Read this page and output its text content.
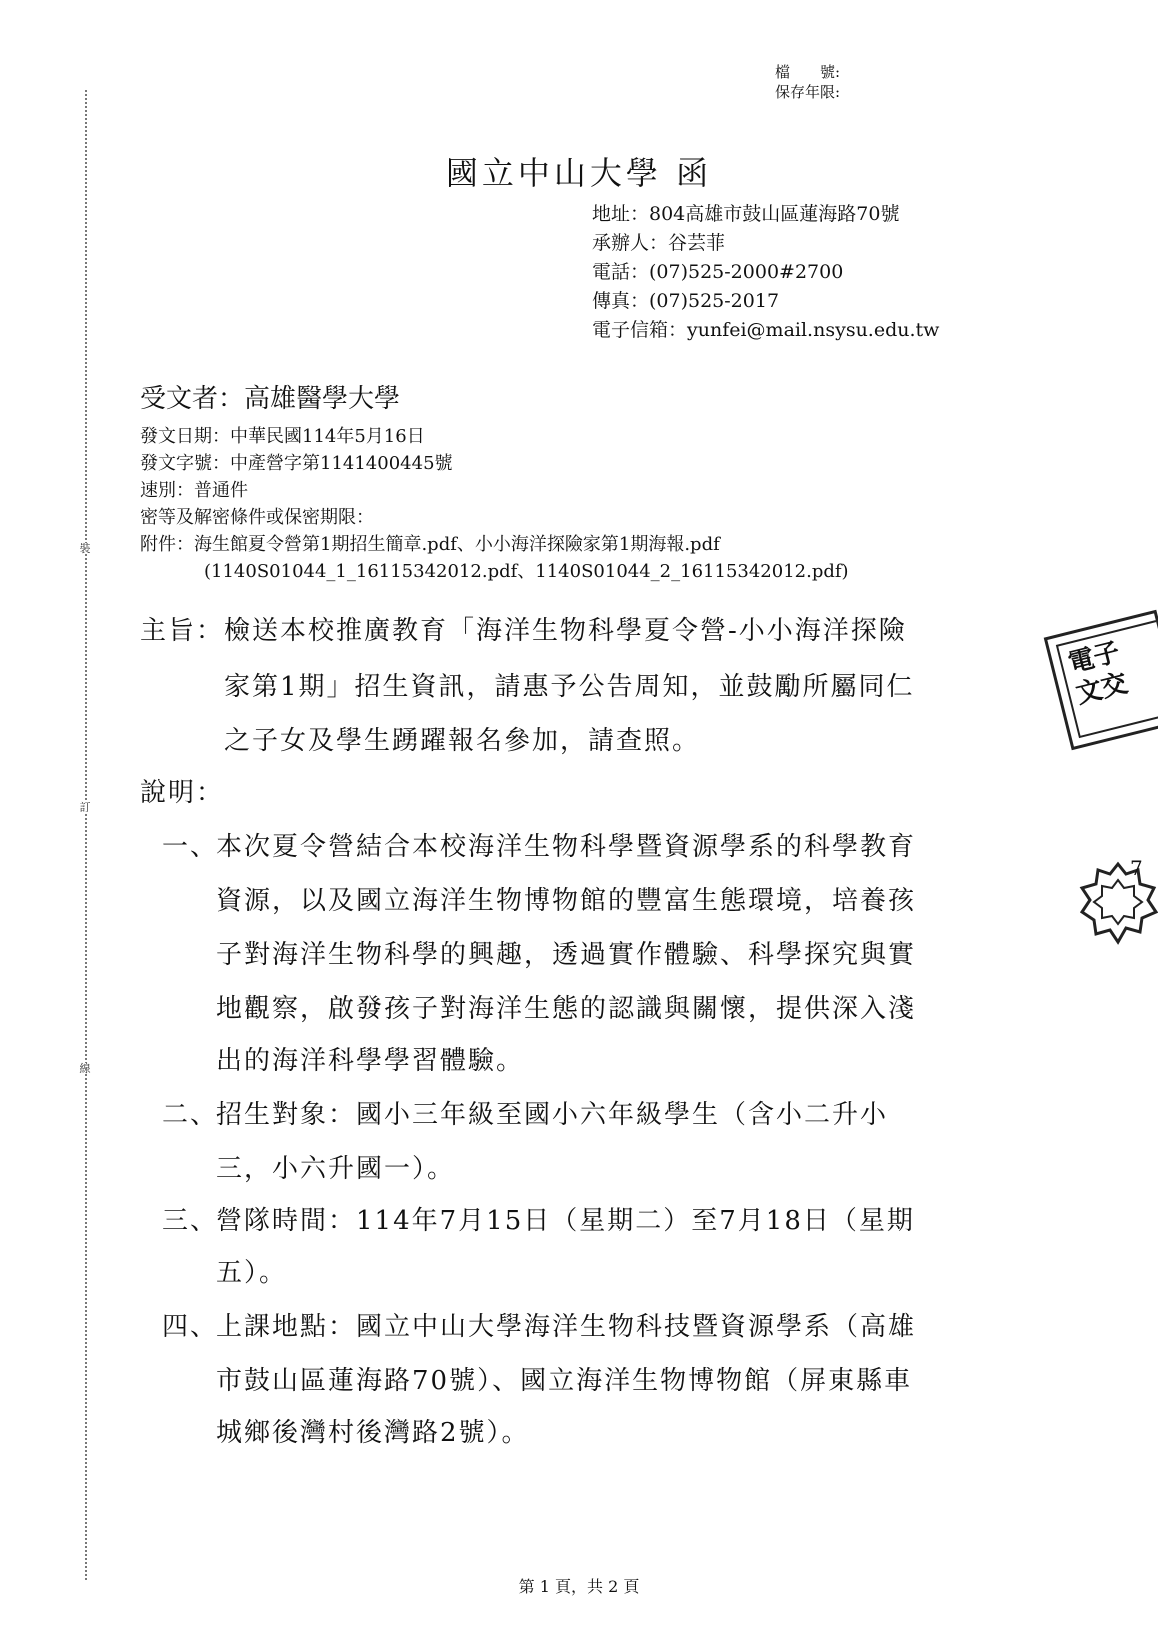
裝
訂
線
檔　　號:
保存年限:
國立中山大學 函
地址：804高雄市鼓山區蓮海路70號
承辦人：谷芸菲
電話：(07)525-2000#2700
傳真：(07)525-2017
電子信箱：yunfei@mail.nsysu.edu.tw
受文者：高雄醫學大學
發文日期：中華民國114年5月16日
發文字號：中產營字第1141400445號
速別：普通件
密等及解密條件或保密期限：
附件：海生館夏令營第1期招生簡章.pdf、小小海洋探險家第1期海報.pdf
(1140S01044_1_16115342012.pdf、1140S01044_2_16115342012.pdf)
主旨： 檢送本校推廣教育「海洋生物科學夏令營-小小海洋探險
家第1期」招生資訊，請惠予公告周知，並鼓勵所屬同仁
之子女及學生踴躍報名參加，請查照。
說明：
一、
本次夏令營結合本校海洋生物科學暨資源學系的科學教育
資源，以及國立海洋生物博物館的豐富生態環境，培養孩
子對海洋生物科學的興趣，透過實作體驗、科學探究與實
地觀察，啟發孩子對海洋生態的認識與關懷，提供深入淺
出的海洋科學學習體驗。
二、
招生對象：國小三年級至國小六年級學生（含小二升小
三，小六升國一）。
三、
營隊時間：114年7月15日（星期二）至7月18日（星期
五）。
四、
上課地點：國立中山大學海洋生物科技暨資源學系（高雄
市鼓山區蓮海路70號）、國立海洋生物博物館（屏東縣車
城鄉後灣村後灣路2號）。
電子
文交
7
第 1 頁，共 2 頁
